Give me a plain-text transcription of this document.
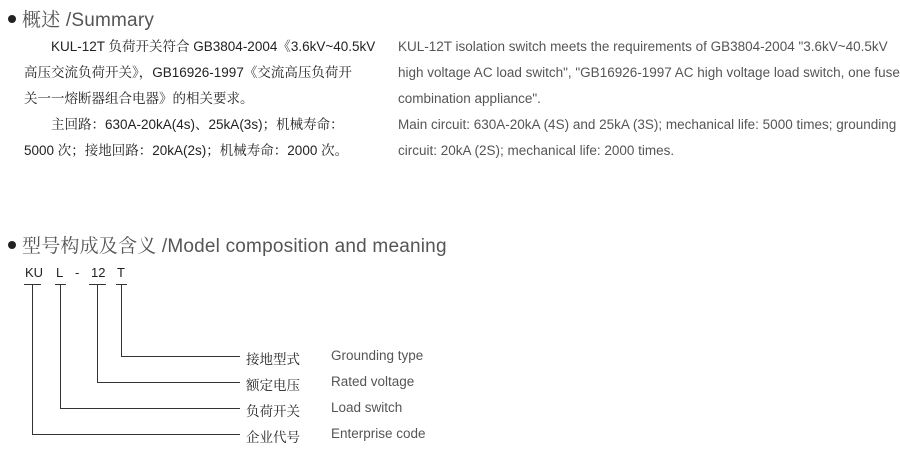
概述 /Summary
　　KUL-12T 负荷开关符合 GB3804-2004《3.6kV~40.5kV
高压交流负荷开关》，GB16926-1997《交流高压负荷开
关一一熔断器组合电器》的相关要求。
　　主回路：630A-20kA(4s)、25kA(3s)；机械寿命：
5000 次；接地回路：20kA(2s)；机械寿命：2000 次。
KUL-12T isolation switch meets the requirements of GB3804-2004 "3.6kV~40.5kV
high voltage AC load switch", "GB16926-1997 AC high voltage load switch, one fuse
combination appliance".
Main circuit: 630A-20kA (4S) and 25kA (3S); mechanical life: 5000 times; grounding
circuit: 20kA (2S); mechanical life: 2000 times.
型号构成及含义 /Model composition and meaning
KU L - 12 T
接地型式 Grounding type
额定电压 Rated voltage
负荷开关 Load switch
企业代号 Enterprise code
